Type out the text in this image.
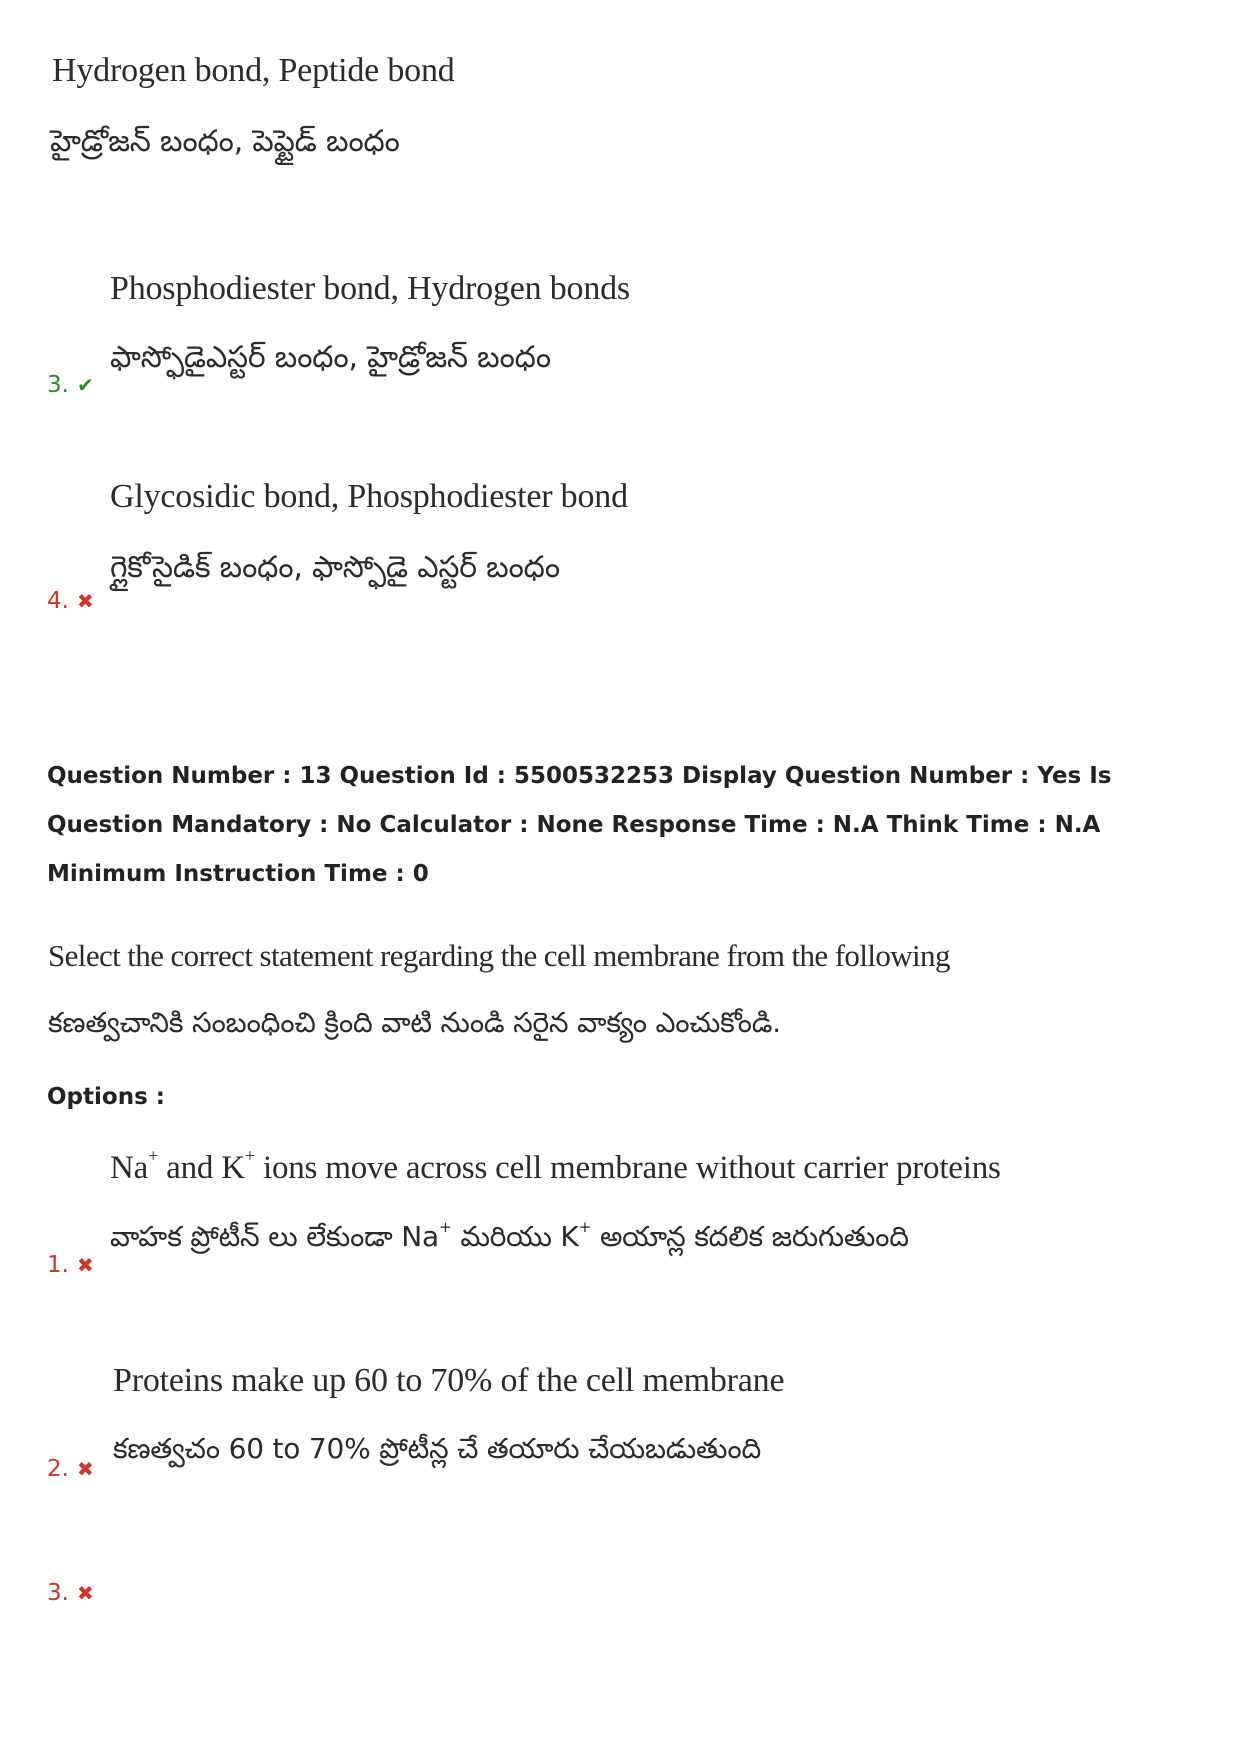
Hydrogen bond, Peptide bond

హైడ్రోజన్ బంధం, పెప్టైడ్ బంధం

Phosphodiester bond, Hydrogen bonds

ఫాస్ఫోడైఎస్టర్ బంధం, హైడ్రోజన్ బంధం

3. ✔

Glycosidic bond, Phosphodiester bond

గ్లైకోసైడిక్ బంధం, ఫాస్ఫోడై ఎస్టర్ బంధం

4. ✖

Question Number : 13 Question Id : 5500532253 Display Question Number : Yes Is Question Mandatory : No Calculator : None Response Time : N.A Think Time : N.A Minimum Instruction Time : 0

Select the correct statement regarding the cell membrane from the following

కణత్వచానికి సంబంధించి క్రింది వాటి నుండి సరైన వాక్యం ఎంచుకోండి.

Options :

Na+ and K+ ions move across cell membrane without carrier proteins

వాహక ప్రోటీన్ లు లేకుండా Na+ మరియు K+ అయాన్ల కదలిక జరుగుతుంది

1. ✖

Proteins make up 60 to 70% of the cell membrane

కణత్వచం 60 to 70% ప్రోటీన్ల చే తయారు చేయబడుతుంది

2. ✖

3. ✖
